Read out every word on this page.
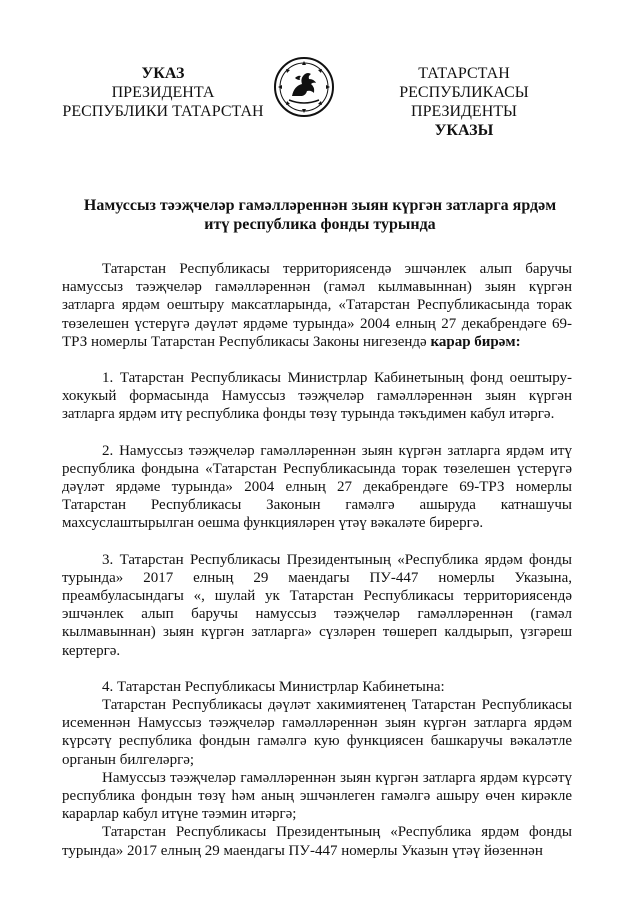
УКАЗ
ПРЕЗИДЕНТА
РЕСПУБЛИКИ ТАТАРСТАН
ТАТАРСТАН РЕСПУБЛИКАСЫ
ПРЕЗИДЕНТЫ
УКАЗЫ
Намуссыз тәэҗчеләр гамәлләреннән зыян күргән затларга ярдәм
итү республика фонды турында

Татарстан Республикасы территориясендә эшчәнлек алып баручы намуссыз тәэҗчеләр гамәлләреннән (гамәл кылмавыннан) зыян күргән затларга ярдәм оештыру максатларында, «Татарстан Республикасында торак төзелешен үстерүгә дәүләт ярдәме турында» 2004 елның 27 декабрендәге 69-ТРЗ номерлы Татарстан Республикасы Законы нигезендә карар бирәм:

1. Татарстан Республикасы Министрлар Кабинетының фонд оештыру-хокукый формасында Намуссыз тәэҗчеләр гамәлләреннән зыян күргән затларга ярдәм итү республика фонды төзү турында тәкъдимен кабул итәргә.

2. Намуссыз тәэҗчеләр гамәлләреннән зыян күргән затларга ярдәм итү республика фондына «Татарстан Республикасында торак төзелешен үстерүгә дәүләт ярдәме турында» 2004 елның 27 декабрендәге 69-ТРЗ номерлы Татарстан Республикасы Законын гамәлгә ашыруда катнашучы махсуслаштырылган оешма функцияләрен үтәү вәкаләте бирергә.

3. Татарстан Республикасы Президентының «Республика ярдәм фонды турында» 2017 елның 29 маендагы ПУ-447 номерлы Указына, преамбуласындагы «, шулай ук Татарстан Республикасы территориясендә эшчәнлек алып баручы намуссыз тәэҗчеләр гамәлләреннән (гамәл кылмавыннан) зыян күргән затларга» сүзләрен төшереп калдырып, үзгәреш кертергә.

4. Татарстан Республикасы Министрлар Кабинетына:

Татарстан Республикасы дәүләт хакимиятенең Татарстан Республикасы исеменнән Намуссыз тәэҗчеләр гамәлләреннән зыян күргән затларга ярдәм күрсәтү республика фондын гамәлгә кую функциясен башкаручы вәкаләтле органын билгеләргә;

Намуссыз тәэҗчеләр гамәлләреннән зыян күргән затларга ярдәм күрсәтү республика фондын төзү һәм аның эшчәнлеген гамәлгә ашыру өчен кирәкле карарлар кабул итүне тәэмин итәргә;

Татарстан Республикасы Президентының «Республика ярдәм фонды турында» 2017 елның 29 маендагы ПУ-447 номерлы Указын үтәү йөзеннән
